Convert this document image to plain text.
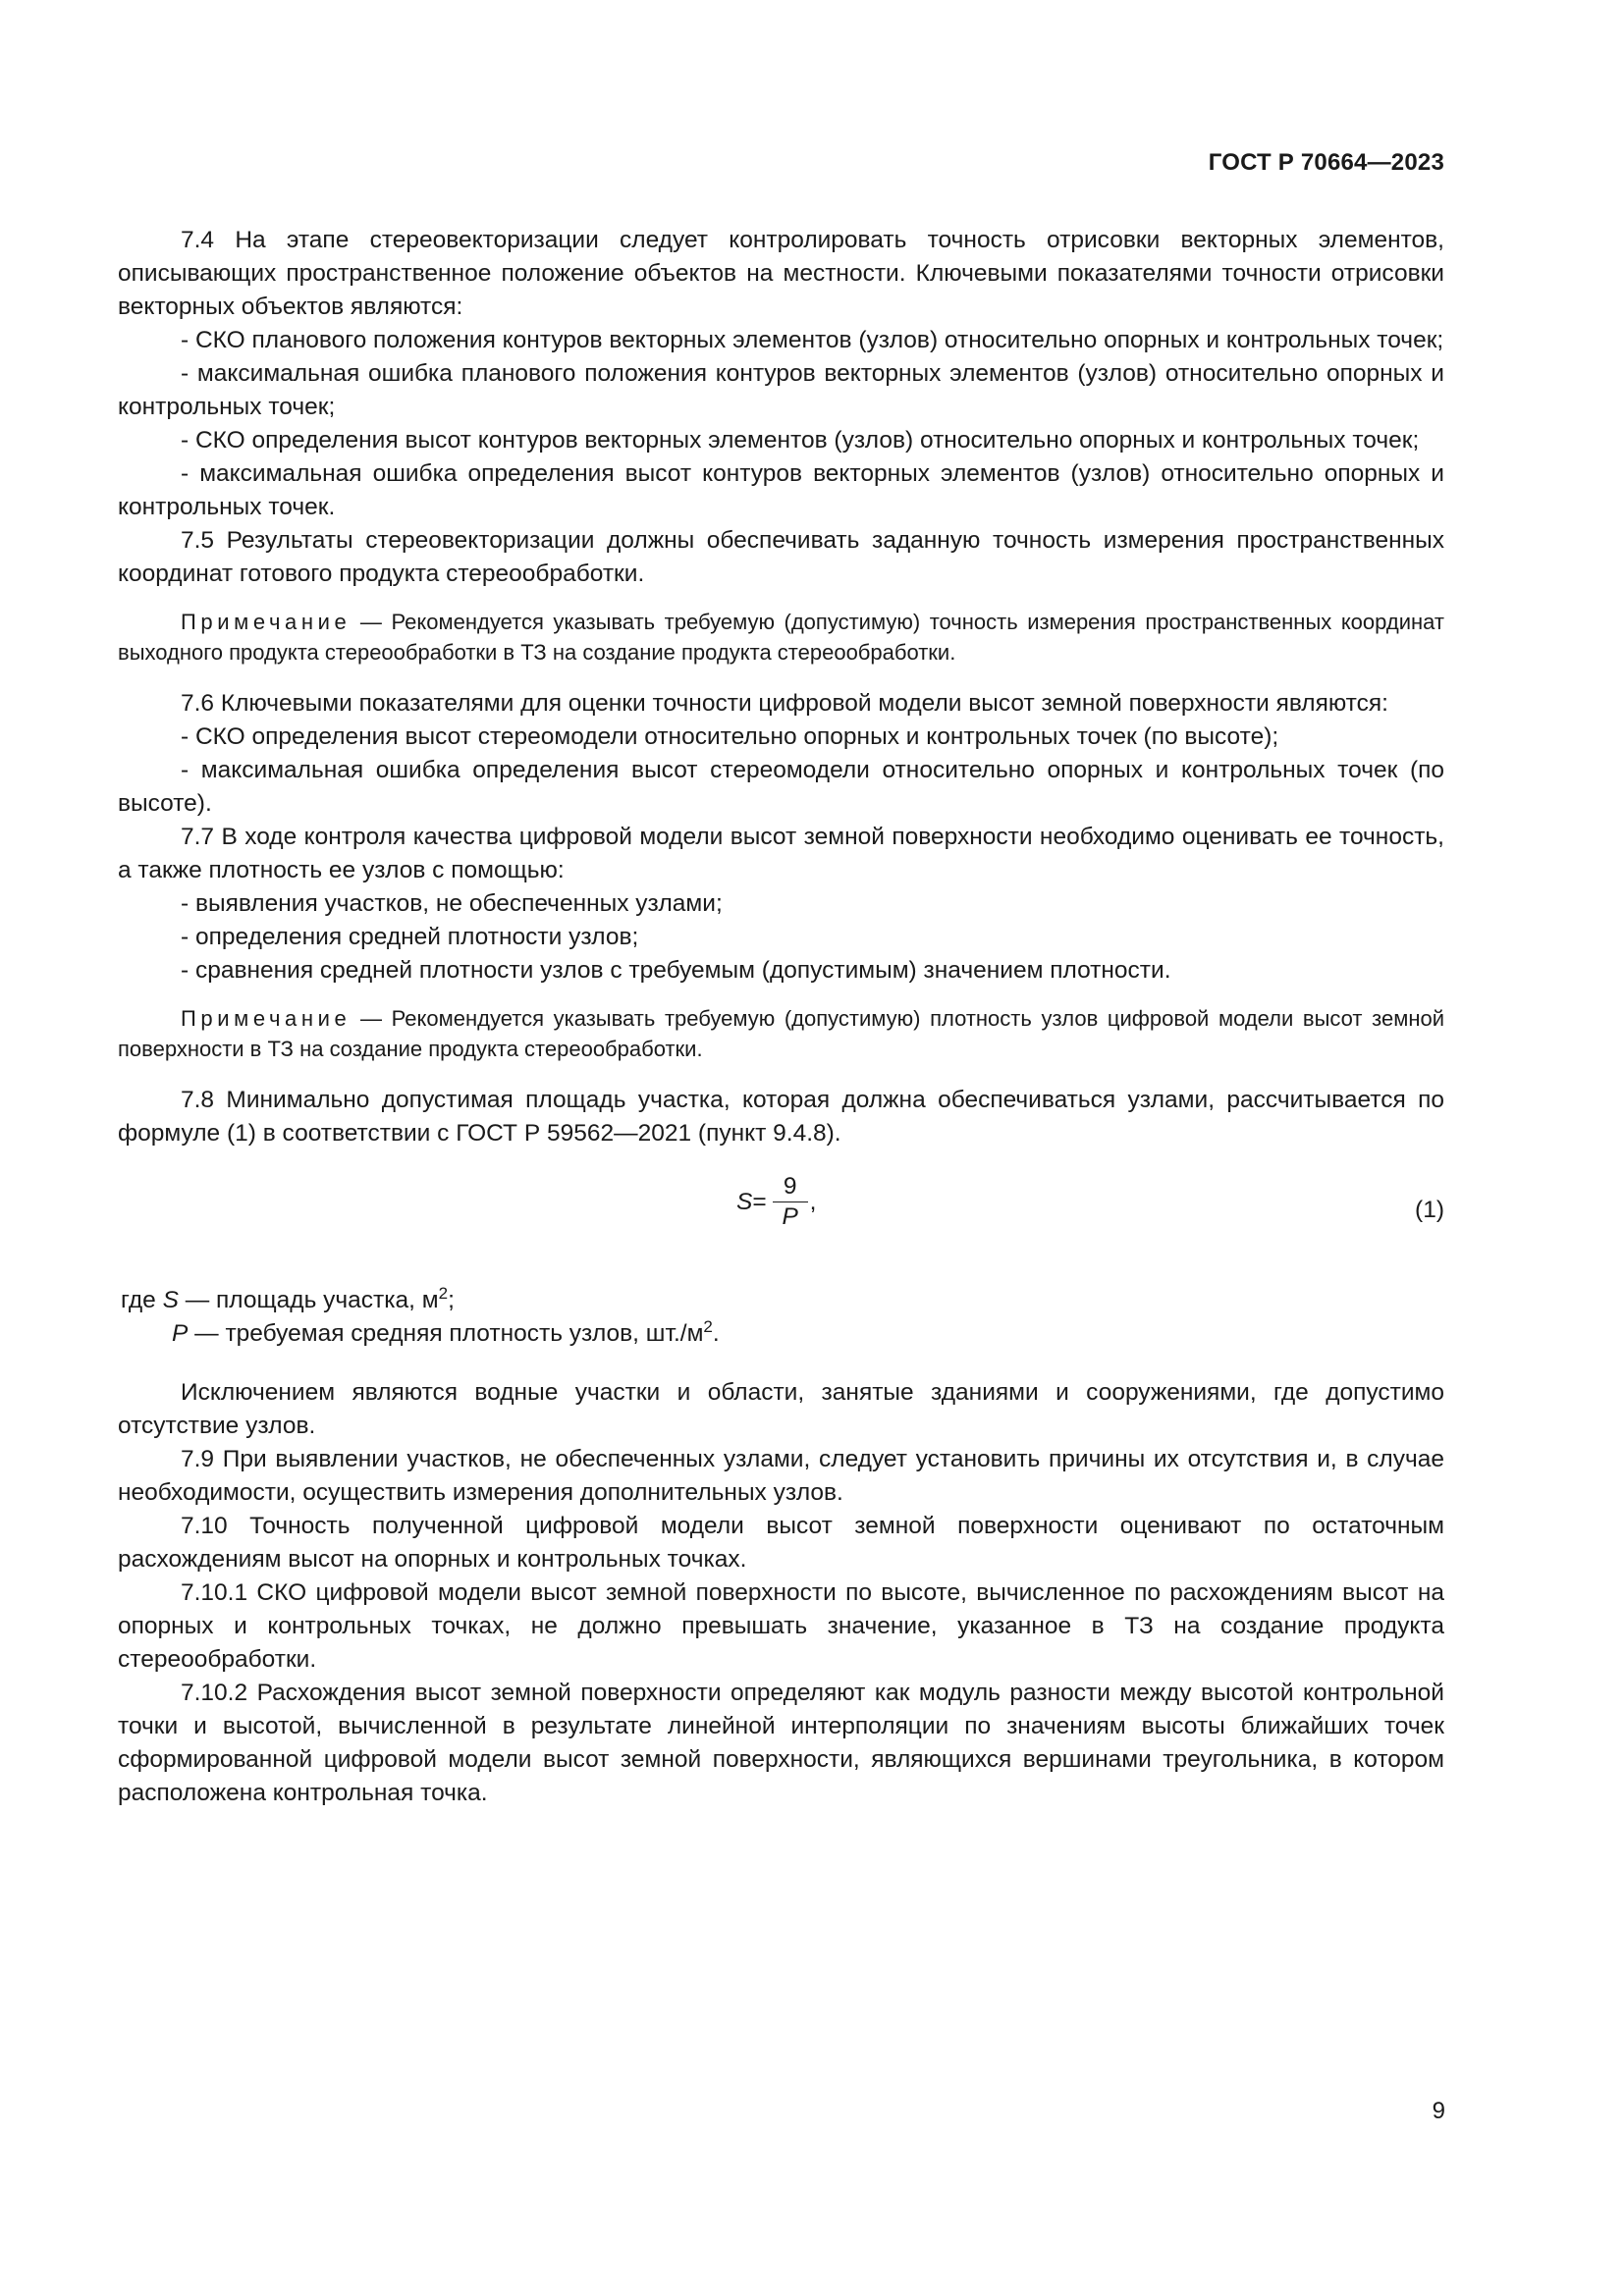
ГОСТ Р 70664—2023

7.4 На этапе стереовекторизации следует контролировать точность отрисовки векторных элементов, описывающих пространственное положение объектов на местности. Ключевыми показателями точности отрисовки векторных объектов являются:

- СКО планового положения контуров векторных элементов (узлов) относительно опорных и контрольных точек;

- максимальная ошибка планового положения контуров векторных элементов (узлов) относительно опорных и контрольных точек;

- СКО определения высот контуров векторных элементов (узлов) относительно опорных и контрольных точек;

- максимальная ошибка определения высот контуров векторных элементов (узлов) относительно опорных и контрольных точек.

7.5 Результаты стереовекторизации должны обеспечивать заданную точность измерения пространственных координат готового продукта стереообработки.

Примечание — Рекомендуется указывать требуемую (допустимую) точность измерения пространственных координат выходного продукта стереообработки в ТЗ на создание продукта стереообработки.

7.6 Ключевыми показателями для оценки точности цифровой модели высот земной поверхности являются:

- СКО определения высот стереомодели относительно опорных и контрольных точек (по высоте);

- максимальная ошибка определения высот стереомодели относительно опорных и контрольных точек (по высоте).

7.7 В ходе контроля качества цифровой модели высот земной поверхности необходимо оценивать ее точность, а также плотность ее узлов с помощью:

- выявления участков, не обеспеченных узлами;

- определения средней плотности узлов;

- сравнения средней плотности узлов с требуемым (допустимым) значением плотности.

Примечание — Рекомендуется указывать требуемую (допустимую) плотность узлов цифровой модели высот земной поверхности в ТЗ на создание продукта стереообработки.

7.8 Минимально допустимая площадь участка, которая должна обеспечиваться узлами, рассчитывается по формуле (1) в соответствии с ГОСТ Р 59562—2021 (пункт 9.4.8).

$S = \frac{9}{P}$ ,	(1)

где S — площадь участка, $м^2$;

P — требуемая средняя плотность узлов, $шт./м^2$.

Исключением являются водные участки и области, занятые зданиями и сооружениями, где допустимо отсутствие узлов.

7.9 При выявлении участков, не обеспеченных узлами, следует установить причины их отсутствия и, в случае необходимости, осуществить измерения дополнительных узлов.

7.10 Точность полученной цифровой модели высот земной поверхности оценивают по остаточным расхождениям высот на опорных и контрольных точках.

7.10.1 СКО цифровой модели высот земной поверхности по высоте, вычисленное по расхождениям высот на опорных и контрольных точках, не должно превышать значение, указанное в ТЗ на создание продукта стереообработки.

7.10.2 Расхождения высот земной поверхности определяют как модуль разности между высотой контрольной точки и высотой, вычисленной в результате линейной интерполяции по значениям высоты ближайших точек сформированной цифровой модели высот земной поверхности, являющихся вершинами треугольника, в котором расположена контрольная точка.

9
